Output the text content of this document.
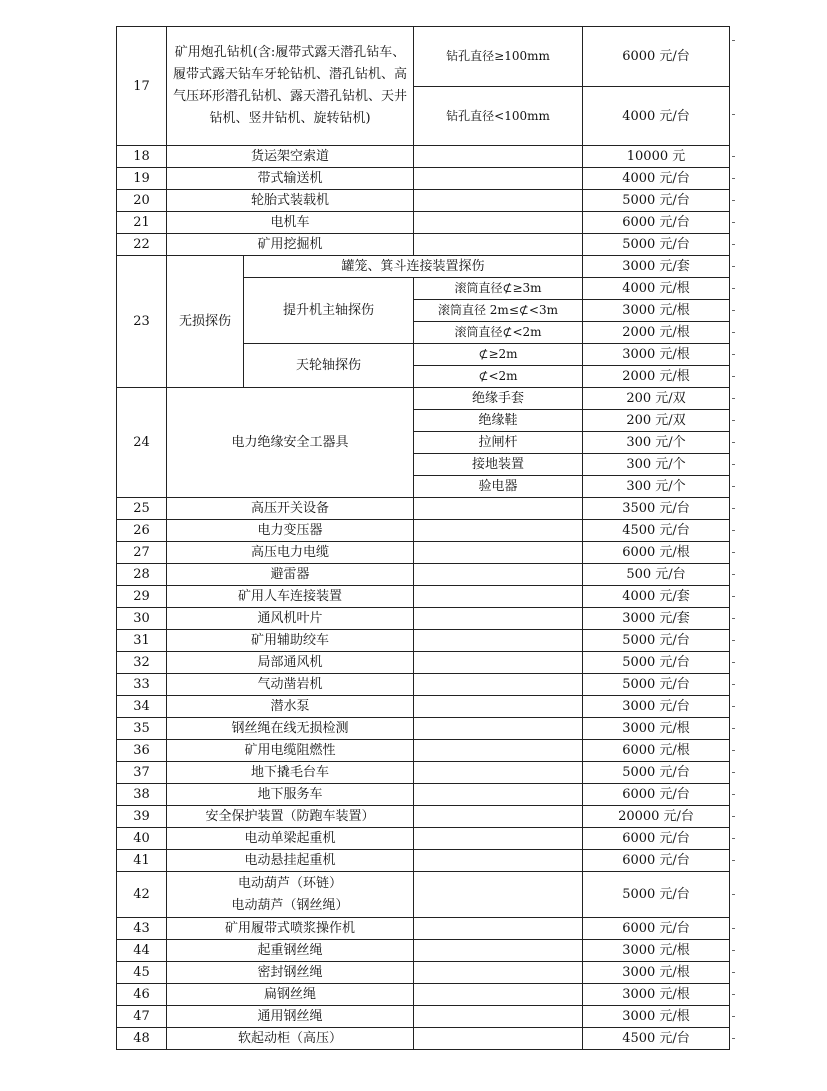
17	矿用炮孔钻机(含:履带式露天潜孔钻车、履带式露天钻车牙轮钻机、潜孔钻机、高气压环形潜孔钻机、露天潜孔钻机、天井钻机、竖井钻机、旋转钻机)		钻孔直径≥100mm	6000 元/台
			钻孔直径<100mm	4000 元/台
18	货运架空索道			10000 元
19	带式输送机			4000 元/台
20	轮胎式装载机			5000 元/台
21	电机车			6000 元/台
22	矿用挖掘机			5000 元/台
23	无损探伤	罐笼、箕斗连接装置探伤		3000 元/套
		提升机主轴探伤	滚筒直径⊄≥3m	4000 元/根
			滚筒直径 2m≤⊄<3m	3000 元/根
			滚筒直径⊄<2m	2000 元/根
		天轮轴探伤	⊄≥2m	3000 元/根
			⊄<2m	2000 元/根
24	电力绝缘安全工器具		绝缘手套	200 元/双
			绝缘鞋	200 元/双
			拉闸杆	300 元/个
			接地装置	300 元/个
			验电器	300 元/个
25	高压开关设备			3500 元/台
26	电力变压器			4500 元/台
27	高压电力电缆			6000 元/根
28	避雷器			500 元/台
29	矿用人车连接装置			4000 元/套
30	通风机叶片			3000 元/套
31	矿用辅助绞车			5000 元/台
32	局部通风机			5000 元/台
33	气动凿岩机			5000 元/台
34	潜水泵			3000 元/台
35	钢丝绳在线无损检测			3000 元/根
36	矿用电缆阻燃性			6000 元/根
37	地下撬毛台车			5000 元/台
38	地下服务车			6000 元/台
39	安全保护装置（防跑车装置）			20000 元/台
40	电动单梁起重机			6000 元/台
41	电动悬挂起重机			6000 元/台
42	电动葫芦（环链）
电动葫芦（钢丝绳）			5000 元/台
43	矿用履带式喷浆操作机			6000 元/台
44	起重钢丝绳			3000 元/根
45	密封钢丝绳			3000 元/根
46	扁钢丝绳			3000 元/根
47	通用钢丝绳			3000 元/根
48	软起动柜（高压）			4500 元/台
